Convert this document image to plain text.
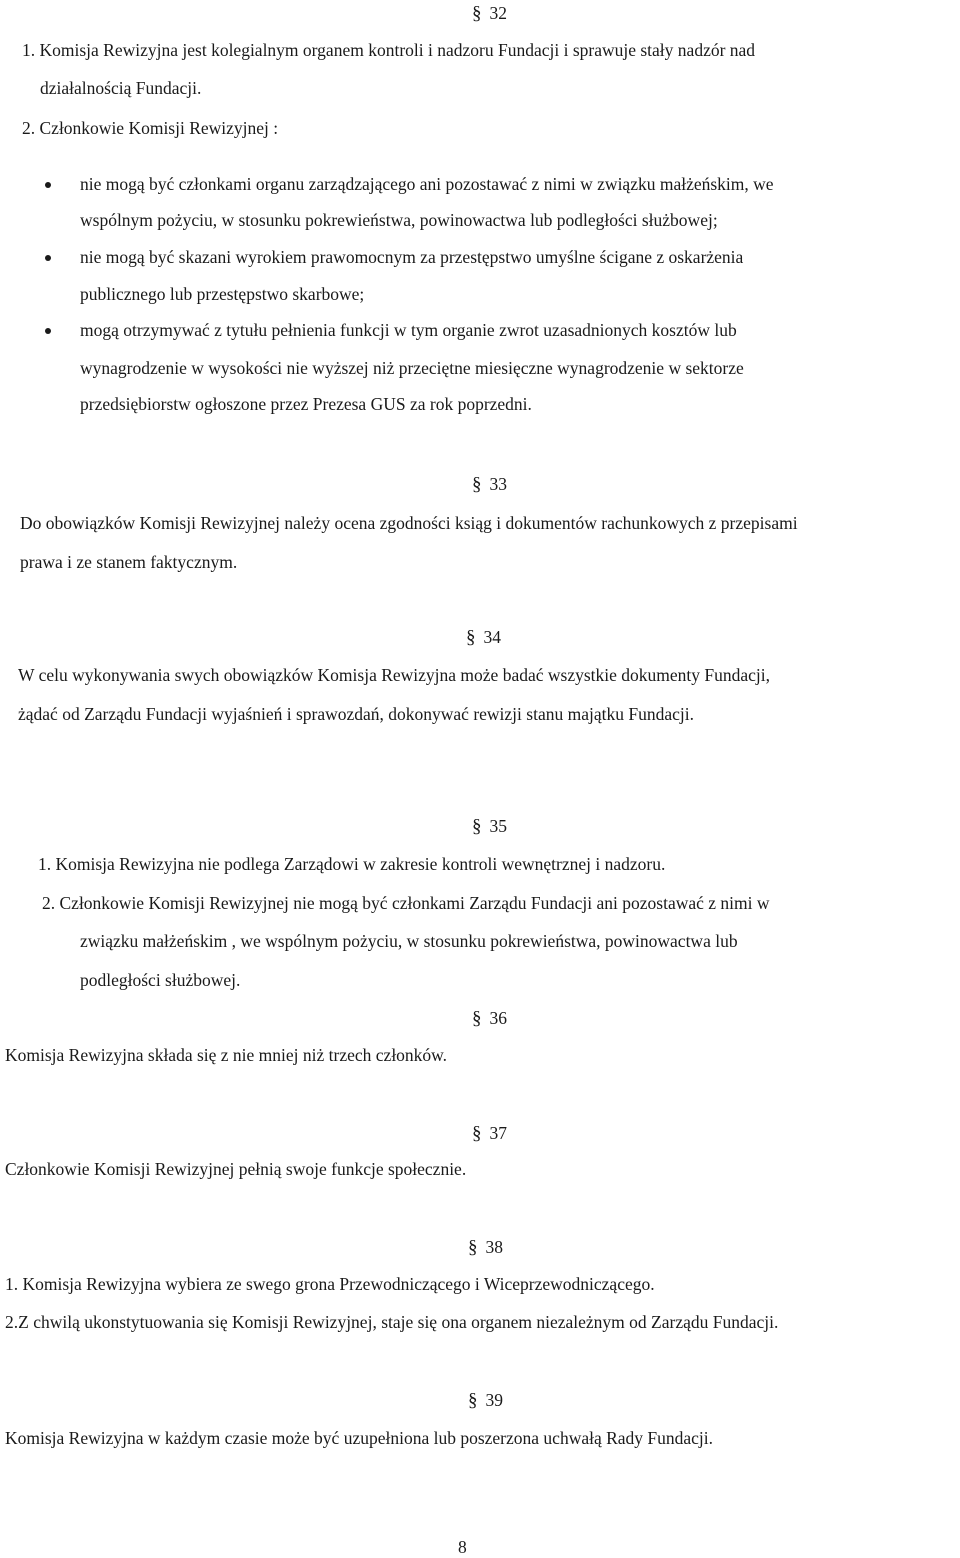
§ 32
1. Komisja Rewizyjna jest kolegialnym organem kontroli i nadzoru Fundacji i sprawuje stały nadzór nad
działalnością Fundacji.
2. Członkowie Komisji Rewizyjnej :
nie mogą być członkami organu zarządzającego ani pozostawać z nimi w związku małżeńskim, we
wspólnym pożyciu, w stosunku pokrewieństwa, powinowactwa lub podległości służbowej;
nie mogą być skazani wyrokiem prawomocnym za przestępstwo umyślne ścigane z oskarżenia
publicznego lub przestępstwo skarbowe;
mogą otrzymywać z tytułu pełnienia funkcji w tym organie zwrot uzasadnionych kosztów lub
wynagrodzenie w wysokości nie wyższej niż przeciętne miesięczne wynagrodzenie w sektorze
przedsiębiorstw ogłoszone przez Prezesa GUS za rok poprzedni.
§ 33
Do obowiązków Komisji Rewizyjnej należy ocena zgodności ksiąg i dokumentów rachunkowych z przepisami
prawa i ze stanem faktycznym.
§ 34
W celu wykonywania swych obowiązków Komisja Rewizyjna może badać wszystkie dokumenty Fundacji,
żądać od Zarządu Fundacji wyjaśnień i sprawozdań, dokonywać rewizji stanu majątku Fundacji.
§ 35
1. Komisja Rewizyjna nie podlega Zarządowi w zakresie kontroli wewnętrznej i nadzoru.
2. Członkowie Komisji Rewizyjnej nie mogą być członkami Zarządu Fundacji ani pozostawać z nimi w
związku małżeńskim , we wspólnym pożyciu, w stosunku pokrewieństwa, powinowactwa lub
podległości służbowej.
§ 36
Komisja Rewizyjna składa się z nie mniej niż trzech członków.
§ 37
Członkowie Komisji Rewizyjnej pełnią swoje funkcje społecznie.
§ 38
1. Komisja Rewizyjna wybiera ze swego grona Przewodniczącego i Wiceprzewodniczącego.
2.Z chwilą ukonstytuowania się Komisji Rewizyjnej, staje się ona organem niezależnym od Zarządu Fundacji.
§ 39
Komisja Rewizyjna w każdym czasie może być uzupełniona lub poszerzona uchwałą Rady Fundacji.
8
